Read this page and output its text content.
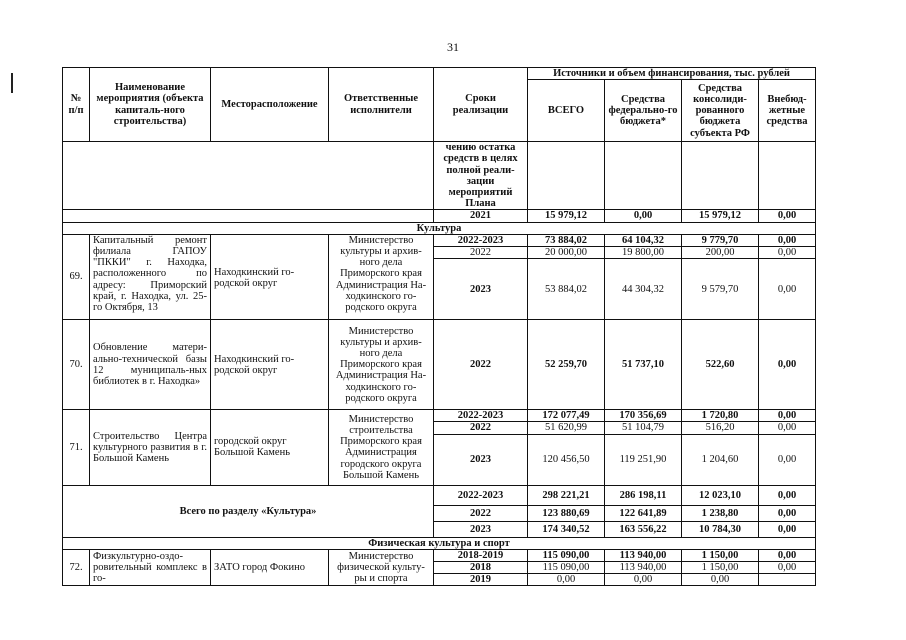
31
№ п/п	Наименование мероприятия (объекта капиталь-ного строительства)	Месторасположение	Ответственные исполнители	Сроки реализации	Источники и объем финансирования, тыс. рублей			
					ВСЕГО	Средства федерально-го бюджета*	Средства консолиди-рованного бюджета субъекта РФ	Внебюд-жетные средства
				чению остатка средств в целях полной реали-зации мероприятий Плана				
				2021	15 979,12	0,00	15 979,12	0,00
Культура								
69.	Капитальный ремонт филиала ГАПОУ "ПККИ" г. Находка, расположенного по адресу: Приморский край, г. Находка, ул. 25-го Октября, 13	Находкинский го-родской округ	Министерство культуры и архив-ного дела Приморского края Администрация На-ходкинского го-родского округа	2022-2023	73 884,02	64 104,32	9 779,70	0,00
				2022	20 000,00	19 800,00	200,00	0,00
				2023	53 884,02	44 304,32	9 579,70	0,00
70.	Обновление матери-ально-технической базы 12 муниципаль-ных библиотек в г. Находка»	Находкинский го-родской округ	Министерство культуры и архив-ного дела Приморского края Администрация На-ходкинского го-родского округа	2022	52 259,70	51 737,10	522,60	0,00
71.	Строительство Центра культурного развития в г. Большой Камень	городской округ Большой Камень	Министерство строительства Приморского края Администрация городского округа Большой Камень	2022-2023	172 077,49	170 356,69	1 720,80	0,00
				2022	51 620,99	51 104,79	516,20	0,00
				2023	120 456,50	119 251,90	1 204,60	0,00
Всего по разделу «Культура»				2022-2023	298 221,21	286 198,11	12 023,10	0,00
				2022	123 880,69	122 641,89	1 238,80	0,00
				2023	174 340,52	163 556,22	10 784,30	0,00
Физическая культура и спорт								
72.	Физкультурно-оздо-ровительный комплекс в го-	ЗАТО город Фокино	Министерство физической культу-ры и спорта	2018-2019	115 090,00	113 940,00	1 150,00	0,00
				2018	115 090,00	113 940,00	1 150,00	0,00
				2019	0,00	0,00	0,00	
